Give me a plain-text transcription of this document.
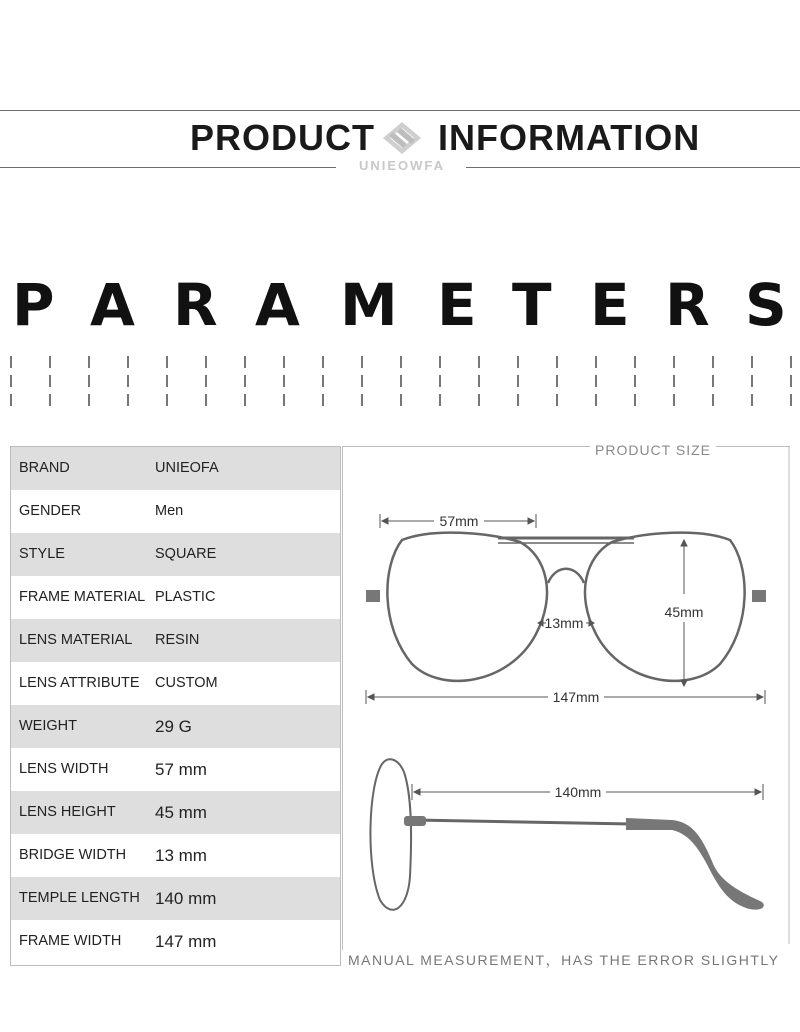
PRODUCT INFORMATION
UNIEOWFA
P A R A M E T E R S
BRAND	UNIEOFA
GENDER	Men
STYLE	SQUARE
FRAME MATERIAL PLASTIC
LENS MATERIAL RESIN
LENS ATTRIBUTE CUSTOM
WEIGHT	29 G
LENS WIDTH	57 mm
LENS HEIGHT 45 mm
BRIDGE WIDTH 13 mm
TEMPLE LENGTH 140 mm
FRAME WIDTH 147 mm
57mm
13mm
45mm
147mm
140mm
PRODUCT SIZE
MANUAL MEASUREMENT，HAS THE ERROR SLIGHTLY
